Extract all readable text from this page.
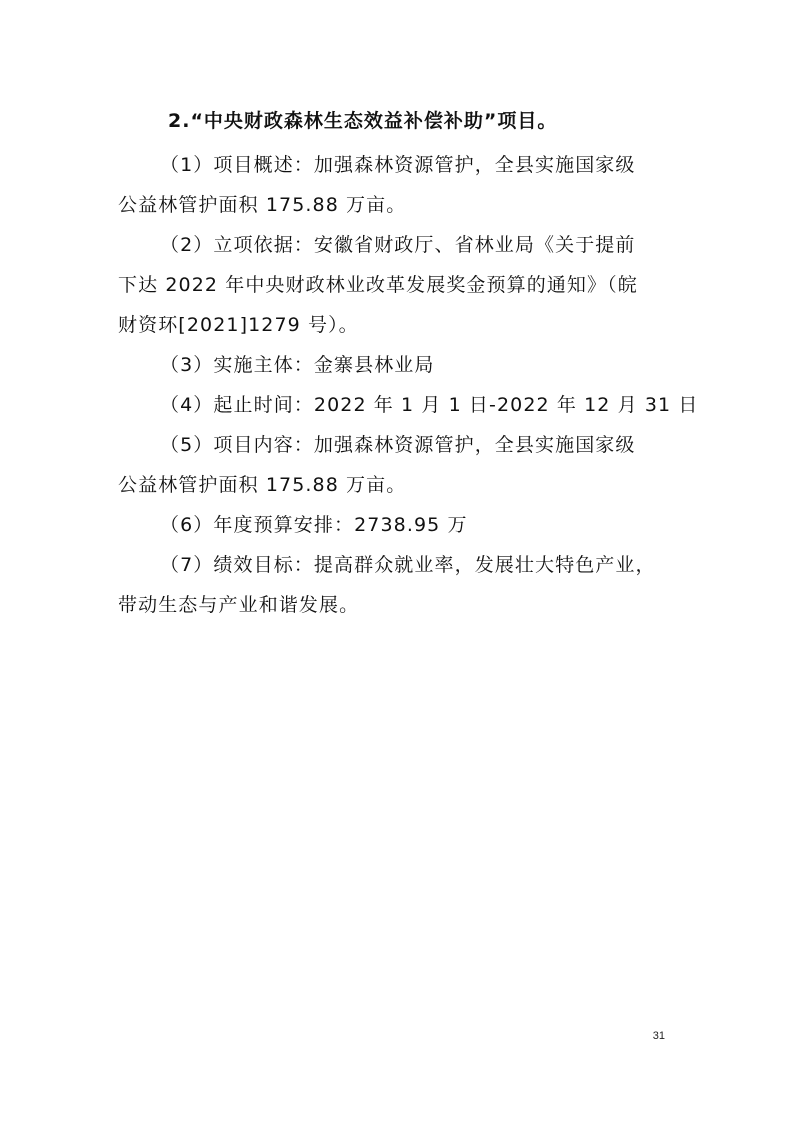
2.“中央财政森林生态效益补偿补助”项目。
（1）项目概述：加强森林资源管护，全县实施国家级
公益林管护面积 175.88 万亩。
（2）立项依据：安徽省财政厅、省林业局《关于提前
下达 2022 年中央财政林业改革发展奖金预算的通知》（皖
财资环[2021]1279 号）。
（3）实施主体：金寨县林业局
（4）起止时间：2022 年 1 月 1 日-2022 年 12 月 31 日
（5）项目内容：加强森林资源管护，全县实施国家级
公益林管护面积 175.88 万亩。
（6）年度预算安排：2738.95 万
（7）绩效目标：提高群众就业率，发展壮大特色产业，
带动生态与产业和谐发展。
31
